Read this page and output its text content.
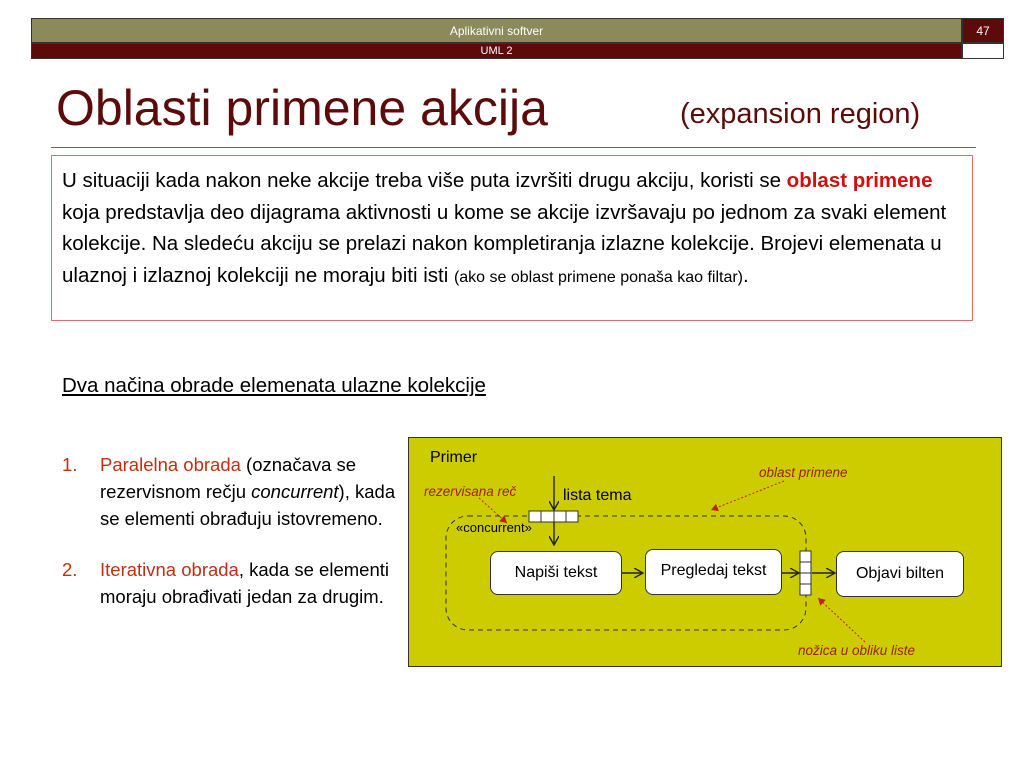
Aplikativni softver	47
UML 2
Oblasti primene akcija	(expansion region)
U situaciji kada nakon neke akcije treba više puta izvršiti drugu akciju, koristi se oblast primene koja predstavlja deo dijagrama aktivnosti u kome se akcije izvršavaju po jednom za svaki element kolekcije. Na sledeću akciju se prelazi nakon kompletiranja izlazne kolekcije. Brojevi elemenata u ulaznoj i izlaznoj kolekciji ne moraju biti isti (ako se oblast primene ponaša kao filtar).
Dva načina obrade elemenata ulazne kolekcije
1. Paralelna obrada (označava se rezervisnom rečju concurrent), kada se elementi obrađuju istovremeno.
2. Iterativna obrada, kada se elementi moraju obrađivati jedan za drugim.
Primer
lista tema
«concurrent»
Napiši tekst	Pregledaj tekst	Objavi bilten
rezervisana reč
oblast primene
nožica u obliku liste
